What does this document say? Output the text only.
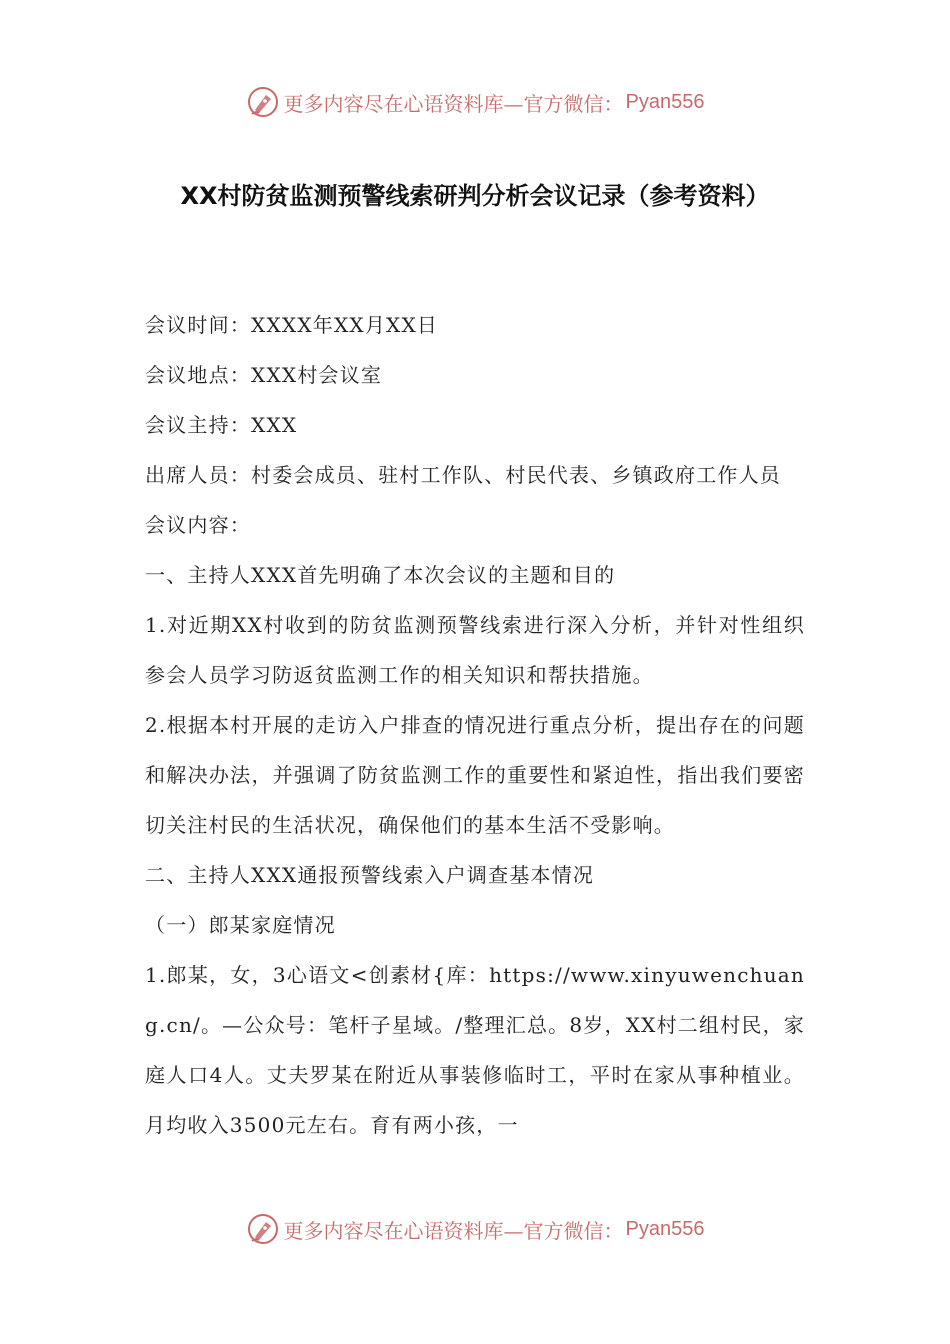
更多内容尽在心语资料库—官方微信： Pyan556
XX村防贫监测预警线索研判分析会议记录（参考资料）

会议时间：XXXX年XX月XX日

会议地点：XXX村会议室

会议主持：XXX

出席人员：村委会成员、驻村工作队、村民代表、乡镇政府工作人员

会议内容：

一、主持人XXX首先明确了本次会议的主题和目的

1.对近期XX村收到的防贫监测预警线索进行深入分析，并针对性组织参会人员学习防返贫监测工作的相关知识和帮扶措施。

2.根据本村开展的走访入户排查的情况进行重点分析，提出存在的问题和解决办法，并强调了防贫监测工作的重要性和紧迫性，指出我们要密切关注村民的生活状况，确保他们的基本生活不受影响。

二、主持人XXX通报预警线索入户调查基本情况

（一）郎某家庭情况

1.郎某，女，3心语文<创素材{库：https://www.xinyuwenchuang.cn/。—公众号：笔杆子星域。/整理汇总。8岁，XX村二组村民，家庭人口4人。丈夫罗某在附近从事装修临时工，平时在家从事种植业。月均收入3500元左右。育有两小孩，一

更多内容尽在心语资料库—官方微信： Pyan556
